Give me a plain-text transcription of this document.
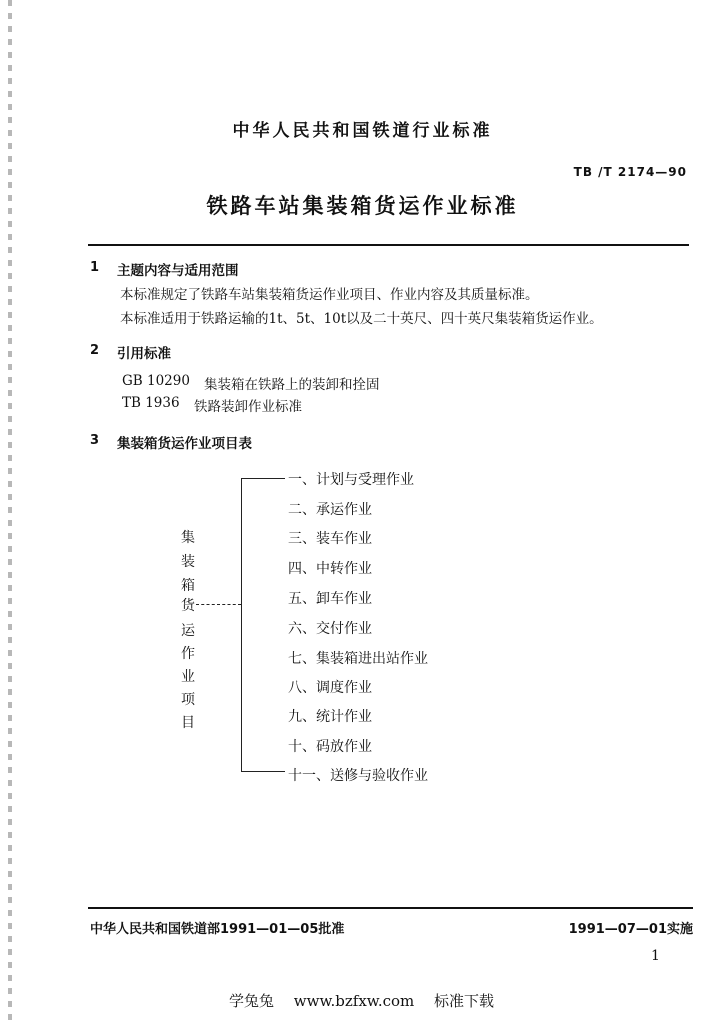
中华人民共和国铁道行业标准
TB /T 2174—90
铁路车站集装箱货运作业标准
1 主题内容与适用范围
本标准规定了铁路车站集装箱货运作业项目、作业内容及其质量标准。
本标准适用于铁路运输的1t、5t、10t以及二十英尺、四十英尺集装箱货运作业。
2 引用标准
GB 10290 集装箱在铁路上的装卸和拴固
TB 1936 铁路装卸作业标准
3 集装箱货运作业项目表
集
装
箱
货
运
作
业
项
目
一、计划与受理作业
二、承运作业
三、装车作业
四、中转作业
五、卸车作业
六、交付作业
七、集装箱进出站作业
八、调度作业
九、统计作业
十、码放作业
十一、送修与验收作业
中华人民共和国铁道部1991—01—05批准	1991—07—01实施
1
学兔兔　 www.bzfxw.com　 标准下载
